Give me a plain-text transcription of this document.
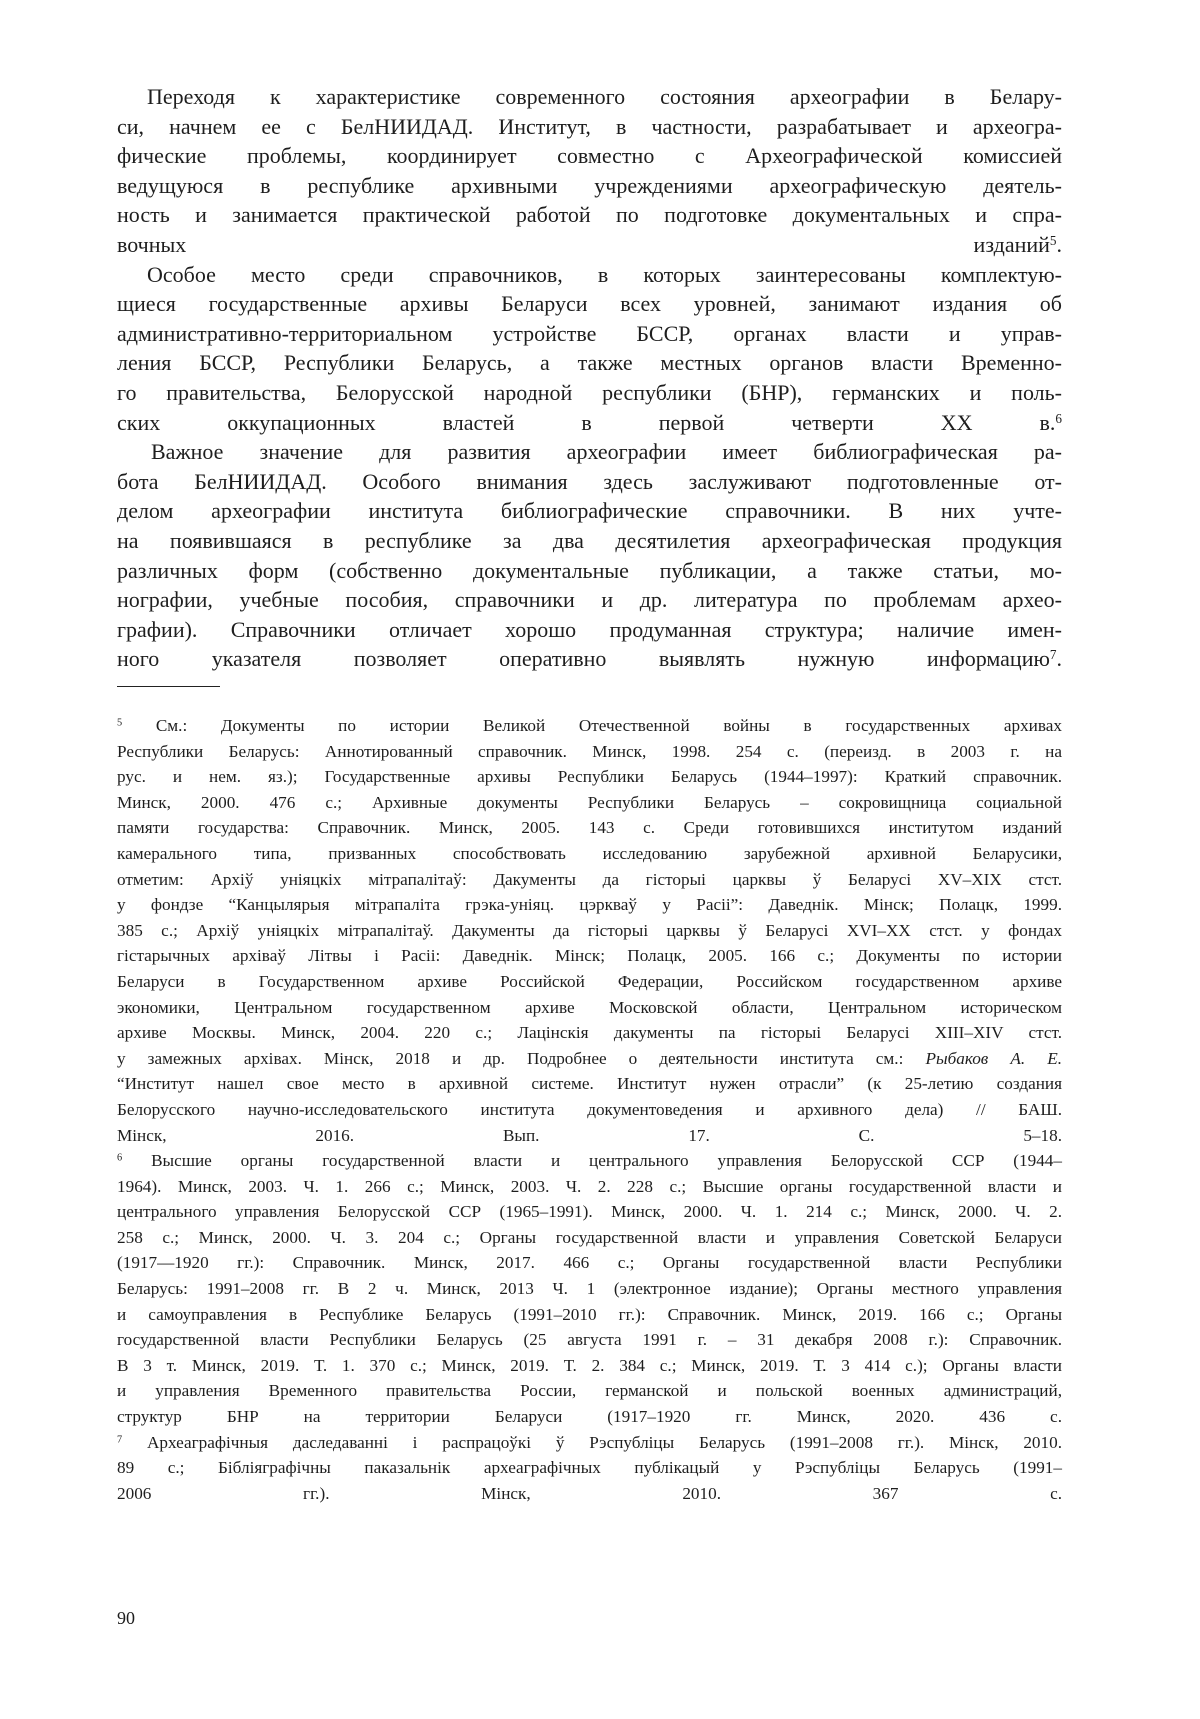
Переходя к характеристике современного состояния археографии в Белару-
си, начнем ее с БелНИИДАД. Институт, в частности, разрабатывает и археогра-
фические проблемы, координирует совместно с Археографической комиссией
ведущуюся в республике архивными учреждениями археографическую деятель-
ность и занимается практической работой по подготовке документальных и спра-
вочных изданий5.
Особое место среди справочников, в которых заинтересованы комплектую-
щиеся государственные архивы Беларуси всех уровней, занимают издания об
административно-территориальном устройстве БССР, органах власти и управ-
ления БССР, Республики Беларусь, а также местных органов власти Временно-
го правительства, Белорусской народной республики (БНР), германских и поль-
ских оккупационных властей в первой четверти XX в.6
Важное значение для развития археографии имеет библиографическая ра-
бота БелНИИДАД. Особого внимания здесь заслуживают подготовленные от-
делом археографии института библиографические справочники. В них учте-
на появившаяся в республике за два десятилетия археографическая продукция
различных форм (собственно документальные публикации, а также статьи, мо-
нографии, учебные пособия, справочники и др. литература по проблемам архео-
графии). Справочники отличает хорошо продуманная структура; наличие имен-
ного указателя позволяет оперативно выявлять нужную информацию7.
5 См.: Документы по истории Великой Отечественной войны в государственных архивах
Республики Беларусь: Аннотированный справочник. Минск, 1998. 254 с. (переизд. в 2003 г. на
рус. и нем. яз.); Государственные архивы Республики Беларусь (1944–1997): Краткий справочник.
Минск, 2000. 476 с.; Архивные документы Республики Беларусь – сокровищница социальной
памяти государства: Справочник. Минск, 2005. 143 с. Среди готовившихся институтом изданий
камерального типа, призванных способствовать исследованию зарубежной архивной Беларусики,
отметим: Архіў уніяцкіх мітрапалітаў: Дакументы да гісторыі царквы ў Беларусі XV–XIX стст.
у фондзе “Канцылярыя мітрапаліта грэка-уніяц. цэркваў у Расіі”: Даведнік. Мінск; Полацк, 1999.
385 с.; Архіў уніяцкіх мітрапалітаў. Дакументы да гісторыі царквы ў Беларусі XVI–XX стст. у фондах
гістарычных архіваў Літвы і Расіі: Даведнік. Мінск; Полацк, 2005. 166 с.; Документы по истории
Беларуси в Государственном архиве Российской Федерации, Российском государственном архиве
экономики, Центральном государственном архиве Московской области, Центральном историческом
архиве Москвы. Минск, 2004. 220 с.; Лацінскія дакументы па гісторыі Беларусі XIII–XIV стст.
у замежных архівах. Мінск, 2018 и др. Подробнее о деятельности института см.: Рыбаков А. Е.
“Институт нашел свое место в архивной системе. Институт нужен отрасли” (к 25-летию создания
Белорусского научно-исследовательского института документоведения и архивного дела) // БАШ.
Мінск, 2016. Вып. 17. С. 5–18.
6 Высшие органы государственной власти и центрального управления Белорусской ССР (1944–
1964). Минск, 2003. Ч. 1. 266 с.; Минск, 2003. Ч. 2. 228 с.; Высшие органы государственной власти и
центрального управления Белорусской ССР (1965–1991). Минск, 2000. Ч. 1. 214 с.; Минск, 2000. Ч. 2.
258 с.; Минск, 2000. Ч. 3. 204 с.; Органы государственной власти и управления Советской Беларуси
(1917—1920 гг.): Справочник. Минск, 2017. 466 с.; Органы государственной власти Республики
Беларусь: 1991–2008 гг. В 2 ч. Минск, 2013 Ч. 1 (электронное издание); Органы местного управления
и самоуправления в Республике Беларусь (1991–2010 гг.): Справочник. Минск, 2019. 166 с.; Органы
государственной власти Республики Беларусь (25 августа 1991 г. – 31 декабря 2008 г.): Справочник.
В 3 т. Минск, 2019. Т. 1. 370 с.; Минск, 2019. Т. 2. 384 с.; Минск, 2019. Т. 3 414 с.); Органы власти
и управления Временного правительства России, германской и польской военных администраций,
структур БНР на территории Беларуси (1917–1920 гг. Минск, 2020. 436 с.
7 Археаграфічныя даследаванні і распрацоўкі ў Рэспубліцы Беларусь (1991–2008 гг.). Мінск, 2010.
89 с.; Бібліяграфічны паказальнік археаграфічных публікацый у Рэспубліцы Беларусь (1991–
2006 гг.). Мінск, 2010. 367 с.
90
